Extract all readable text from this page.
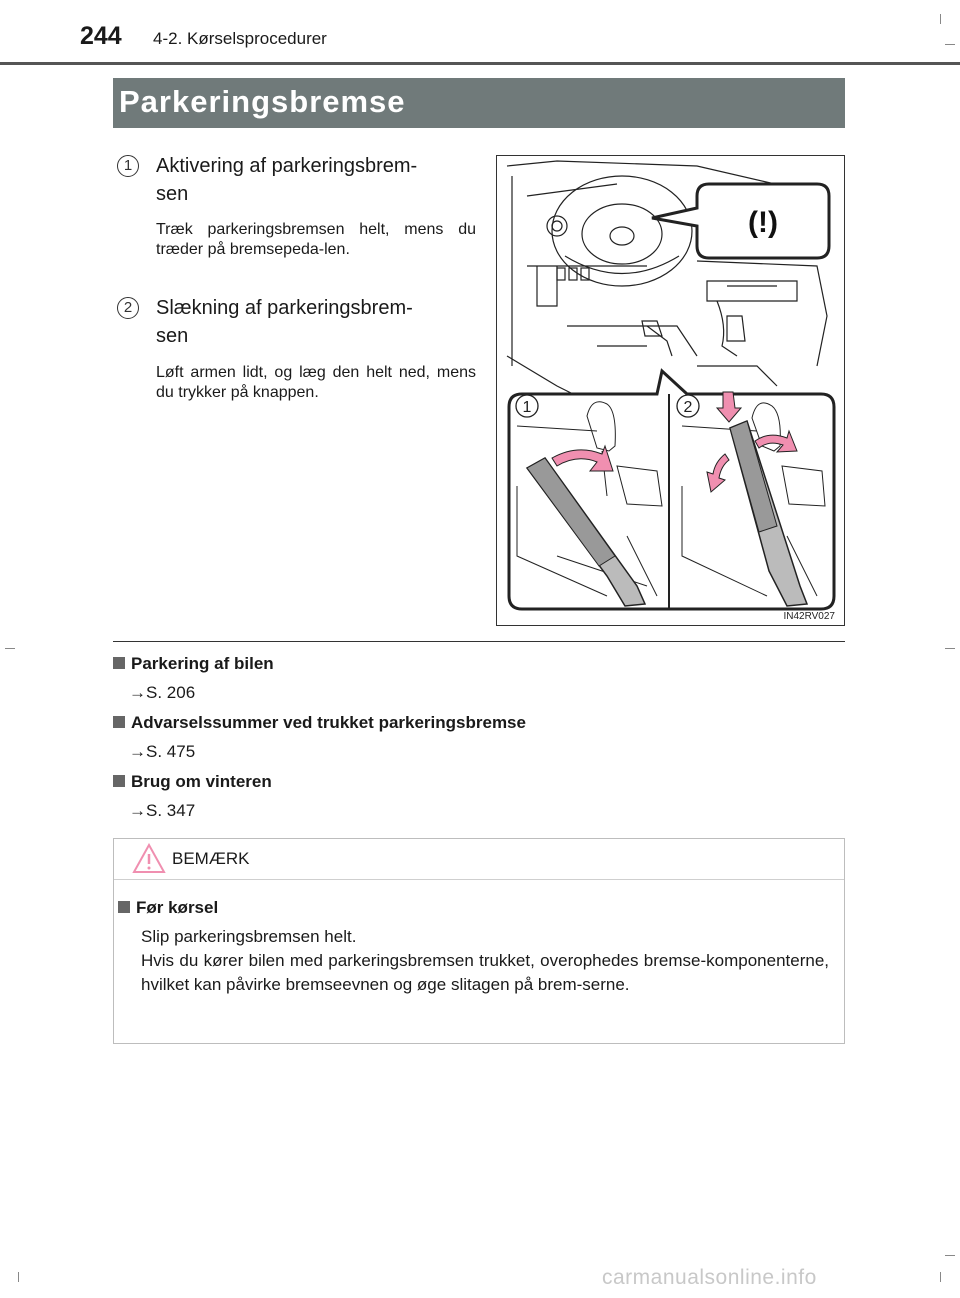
244 4-2. Kørselsprocedurer
Parkeringsbremse
1	Aktivering af parkeringsbrem-
sen
Træk parkeringsbremsen helt, mens du træder på bremsepeda-len.
2	Slækning af parkeringsbrem-
sen
Løft armen lidt, og læg den helt ned, mens du trykker på knappen.
(!)
1	2
IN42RV027
Parkering af bilen
→S. 206
Advarselssummer ved trukket parkeringsbremse
→S. 475
Brug om vinteren
→S. 347
BEMÆRK
Før kørsel
Slip parkeringsbremsen helt.
Hvis du kører bilen med parkeringsbremsen trukket, overophedes bremse-komponenterne, hvilket kan påvirke bremseevnen og øge slitagen på brem-serne.
carmanualsonline.info
